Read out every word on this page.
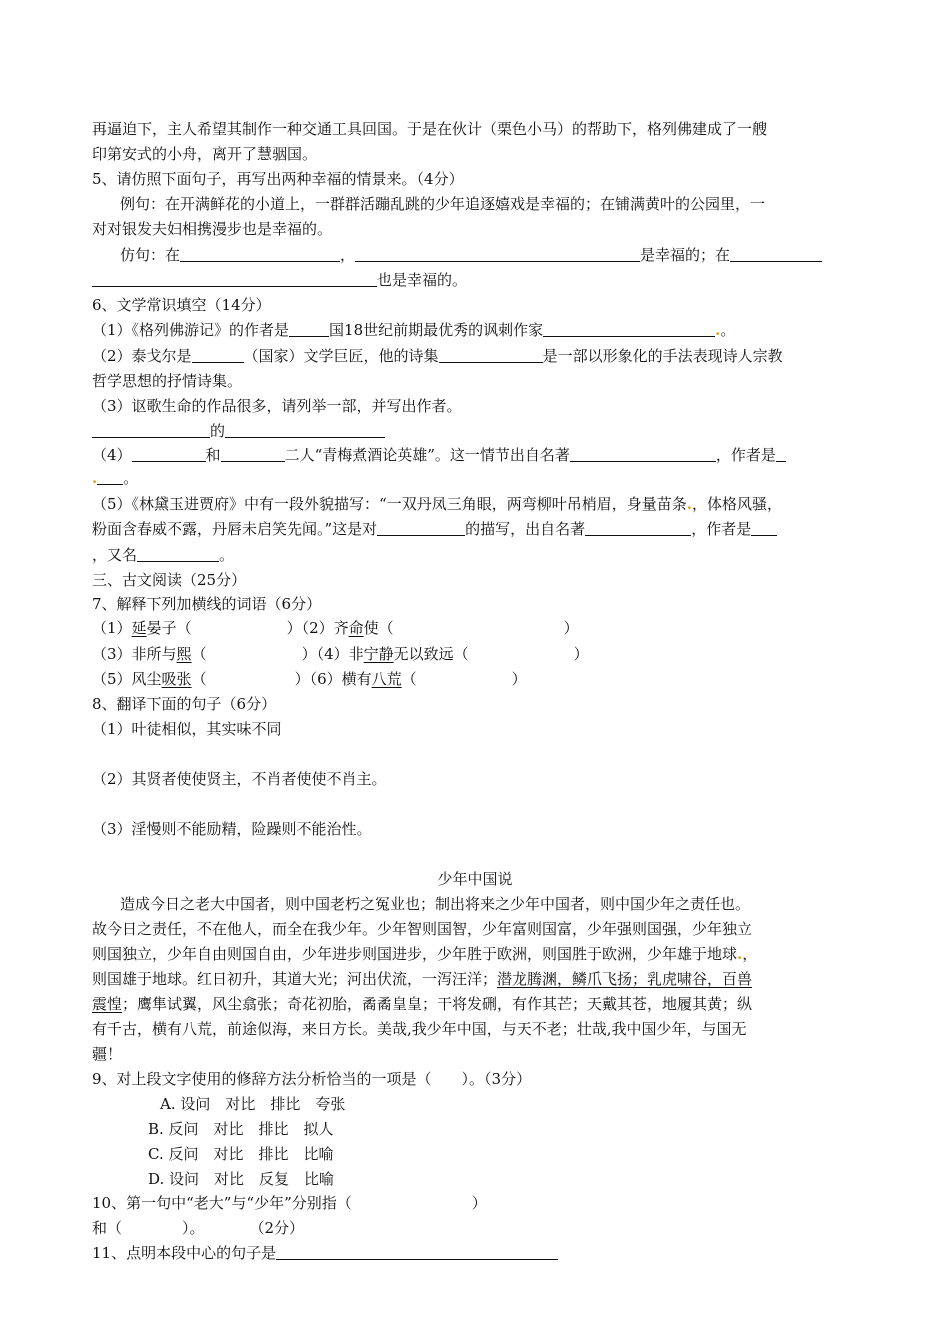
再逼迫下，主人希望其制作一种交通工具回国。于是在伙计（栗色小马）的帮助下，格列佛建成了一艘
印第安式的小舟，离开了慧骃国。
5、请仿照下面句子，再写出两种幸福的情景来。（4分）
例句：在开满鲜花的小道上，一群群活蹦乱跳的少年追逐嬉戏是幸福的；在铺满黄叶的公园里，一
对对银发夫妇相携漫步也是幸福的。
仿句：在	，	是幸福的；在
也是幸福的。
6、文学常识填空（14分）
（1）《格列佛游记》的作者是	国18世纪前期最优秀的讽刺作家	.。
（2）泰戈尔是	（国家）文学巨匠，他的诗集	是一部以形象化的手法表现诗人宗教
哲学思想的抒情诗集。
（3）讴歌生命的作品很多，请列举一部，并写出作者。
的
（4）	和	二人“青梅煮酒论英雄”。这一情节出自名著	，作者是
. 。
（5）《林黛玉进贾府》中有一段外貌描写：“一双丹凤三角眼，两弯柳叶吊梢眉，身量苗条.，体格风骚，
粉面含春威不露，丹唇未启笑先闻。”这是对	的描写，出自名著	，作者是
，又名	。
三、古文阅读（25分）
7、解释下列加横线的词语（6分）
（1）延晏子（	）（2）齐命使（	）
（3）非所与熙（	）（4）非宁静无以致远（	）
（5）风尘吸张（	）（6）横有八荒（	）
8、翻译下面的句子（6分）
（1）叶徒相似，其实味不同
（2）其贤者使使贤主，不肖者使使不肖主。
（3）淫慢则不能励精，险躁则不能治性。
少年中国说
造成今日之老大中国者，则中国老朽之冤业也；制出将来之少年中国者，则中国少年之责任也。
故今日之责任，不在他人，而全在我少年。少年智则国智，少年富则国富，少年强则国强，少年独立
则国独立，少年自由则国自由，少年进步则国进步，少年胜于欧洲，则国胜于欧洲，少年雄于地球.，
则国雄于地球。红日初升，其道大光；河出伏流，一泻汪洋；潜龙腾渊，鳞爪飞扬；乳虎啸谷，百兽
震惶；鹰隼试翼，风尘翕张；奇花初胎，矞矞皇皇；干将发硎，有作其芒；天戴其苍，地履其黄；纵
有千古，横有八荒，前途似海，来日方长。美哉,我少年中国，与天不老；壮哉,我中国少年，与国无
疆！
9、对上段文字使用的修辞方法分析恰当的一项是（　　）。（3分）
A. 设问　对比　排比　夸张
B. 反问　对比　排比　拟人
C. 反问　对比　排比　比喻
D. 设问　对比　反复　比喻
10、第一句中“老大”与“少年”分别指（　　　　　　　　）
和（　　　　）。　　　　（2分）
11、点明本段中心的句子是
